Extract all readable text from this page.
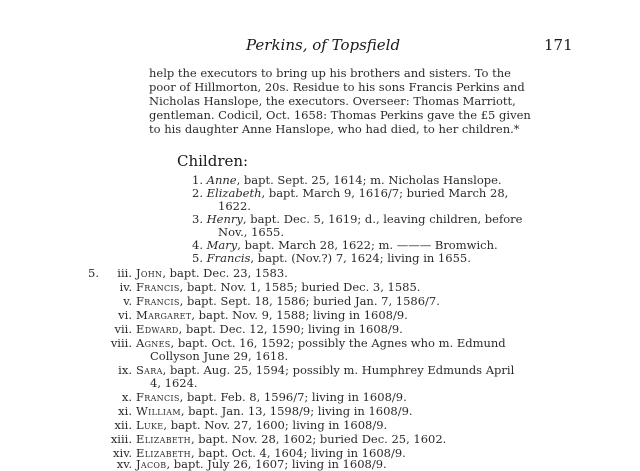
Perkins, of Topsfield	171
help the executors to bring up his brothers and sisters. To the
poor of Hillmorton, 20s. Residue to his sons Francis Perkins and
Nicholas Hanslope, the executors. Overseer: Thomas Marriott,
gentleman. Codicil, Oct. 1658: Thomas Perkins gave the £5 given
to his daughter Anne Hanslope, who had died, to her children.*
Children:
1. Anne, bapt. Sept. 25, 1614; m. Nicholas Hanslope.
2. Elizabeth, bapt. March 9, 1616/7; buried March 28,
1622.
3. Henry, bapt. Dec. 5, 1619; d., leaving children, before
Nov., 1655.
4. Mary, bapt. March 28, 1622; m. ——— Bromwich.
5. Francis, bapt. (Nov.?) 7, 1624; living in 1655.
5.	iii. John, bapt. Dec. 23, 1583.
iv. Francis, bapt. Nov. 1, 1585; buried Dec. 3, 1585.
v. Francis, bapt. Sept. 18, 1586; buried Jan. 7, 1586/7.
vi. Margaret, bapt. Nov. 9, 1588; living in 1608/9.
vii. Edward, bapt. Dec. 12, 1590; living in 1608/9.
viii. Agnes, bapt. Oct. 16, 1592; possibly the Agnes who m. Edmund
Collyson June 29, 1618.
ix. Sara, bapt. Aug. 25, 1594; possibly m. Humphrey Edmunds April
4, 1624.
x. Francis, bapt. Feb. 8, 1596/7; living in 1608/9.
xi. William, bapt. Jan. 13, 1598/9; living in 1608/9.
xii. Luke, bapt. Nov. 27, 1600; living in 1608/9.
xiii. Elizabeth, bapt. Nov. 28, 1602; buried Dec. 25, 1602.
xiv. Elizabeth, bapt. Oct. 4, 1604; living in 1608/9.
xv. Jacob, bapt. July 26, 1607; living in 1608/9.
